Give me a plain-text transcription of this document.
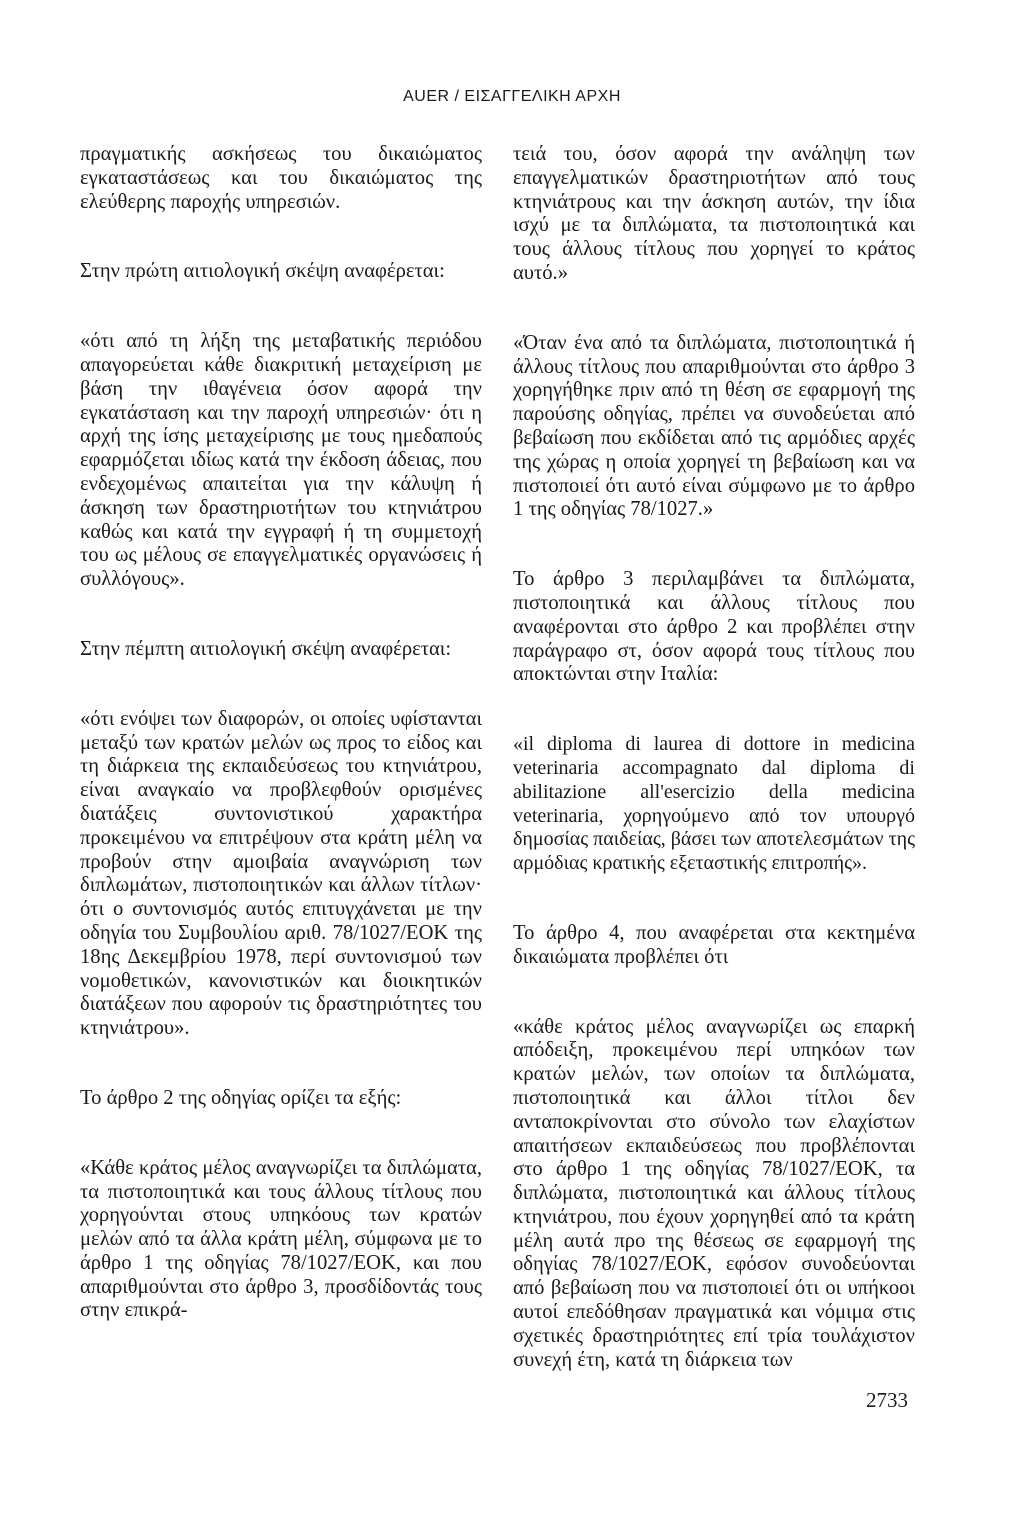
AUER / ΕΙΣΑΓΓΕΛΙΚΗ ΑΡΧΗ

πραγματικής ασκήσεως του δικαιώματος εγκαταστάσεως και του δικαιώματος της ελεύθερης παροχής υπηρεσιών.

Στην πρώτη αιτιολογική σκέψη αναφέρεται:

«ότι από τη λήξη της μεταβατικής περιόδου απαγορεύεται κάθε διακριτική μεταχείριση με βάση την ιθαγένεια όσον αφορά την εγκατάσταση και την παροχή υπηρεσιών· ότι η αρχή της ίσης μεταχείρισης με τους ημεδαπούς εφαρμόζεται ιδίως κατά την έκδοση άδειας, που ενδεχομένως απαιτείται για την κάλυψη ή άσκηση των δραστηριοτήτων του κτηνιάτρου καθώς και κατά την εγγραφή ή τη συμμετοχή του ως μέλους σε επαγγελματικές οργανώσεις ή συλλόγους».

Στην πέμπτη αιτιολογική σκέψη αναφέρεται:

«ότι ενόψει των διαφορών, οι οποίες υφίστανται μεταξύ των κρατών μελών ως προς το είδος και τη διάρκεια της εκπαιδεύσεως του κτηνιάτρου, είναι αναγκαίο να προβλεφθούν ορισμένες διατάξεις συντονιστικού χαρακτήρα προκειμένου να επιτρέψουν στα κράτη μέλη να προβούν στην αμοιβαία αναγνώριση των διπλωμάτων, πιστοποιητικών και άλλων τίτλων· ότι ο συντονισμός αυτός επιτυγχάνεται με την οδηγία του Συμβουλίου αριθ. 78/1027/ΕΟΚ της 18ης Δεκεμβρίου 1978, περί συντονισμού των νομοθετικών, κανονιστικών και διοικητικών διατάξεων που αφορούν τις δραστηριότητες του κτηνιάτρου».

Το άρθρο 2 της οδηγίας ορίζει τα εξής:

«Κάθε κράτος μέλος αναγνωρίζει τα διπλώματα, τα πιστοποιητικά και τους άλλους τίτλους που χορηγούνται στους υπηκόους των κρατών μελών από τα άλλα κράτη μέλη, σύμφωνα με το άρθρο 1 της οδηγίας 78/1027/ΕΟΚ, και που απαριθμούνται στο άρθρο 3, προσδίδοντάς τους στην επικρά-

τειά του, όσον αφορά την ανάληψη των επαγγελματικών δραστηριοτήτων από τους κτηνιάτρους και την άσκηση αυτών, την ίδια ισχύ με τα διπλώματα, τα πιστοποιητικά και τους άλλους τίτλους που χορηγεί το κράτος αυτό.»

«Όταν ένα από τα διπλώματα, πιστοποιητικά ή άλλους τίτλους που απαριθμούνται στο άρθρο 3 χορηγήθηκε πριν από τη θέση σε εφαρμογή της παρούσης οδηγίας, πρέπει να συνοδεύεται από βεβαίωση που εκδίδεται από τις αρμόδιες αρχές της χώρας η οποία χορηγεί τη βεβαίωση και να πιστοποιεί ότι αυτό είναι σύμφωνο με το άρθρο 1 της οδηγίας 78/1027.»

Το άρθρο 3 περιλαμβάνει τα διπλώματα, πιστοποιητικά και άλλους τίτλους που αναφέρονται στο άρθρο 2 και προβλέπει στην παράγραφο στ, όσον αφορά τους τίτλους που αποκτώνται στην Ιταλία:

«il diploma di laurea di dottore in medicina veterinaria accompagnato dal diploma di abilitazione all'esercizio della medicina veterinaria, χορηγούμενο από τον υπουργό δημοσίας παιδείας, βάσει των αποτελεσμάτων της αρμόδιας κρατικής εξεταστικής επιτροπής».

Το άρθρο 4, που αναφέρεται στα κεκτημένα δικαιώματα προβλέπει ότι

«κάθε κράτος μέλος αναγνωρίζει ως επαρκή απόδειξη, προκειμένου περί υπηκόων των κρατών μελών, των οποίων τα διπλώματα, πιστοποιητικά και άλλοι τίτλοι δεν ανταποκρίνονται στο σύνολο των ελαχίστων απαιτήσεων εκπαιδεύσεως που προβλέπονται στο άρθρο 1 της οδηγίας 78/1027/ΕΟΚ, τα διπλώματα, πιστοποιητικά και άλλους τίτλους κτηνιάτρου, που έχουν χορηγηθεί από τα κράτη μέλη αυτά προ της θέσεως σε εφαρμογή της οδηγίας 78/1027/ΕΟΚ, εφόσον συνοδεύονται από βεβαίωση που να πιστοποιεί ότι οι υπήκοοι αυτοί επεδόθησαν πραγματικά και νόμιμα στις σχετικές δραστηριότητες επί τρία τουλάχιστον συνεχή έτη, κατά τη διάρκεια των

2733
